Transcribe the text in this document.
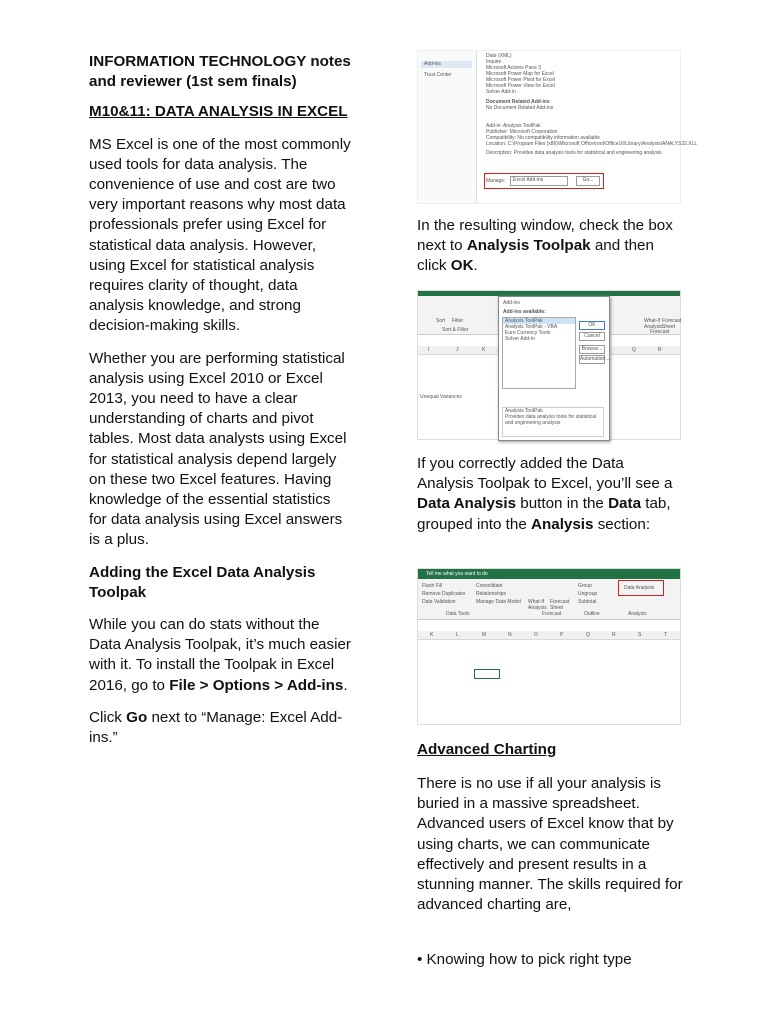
INFORMATION TECHNOLOGY notes and reviewer (1st sem finals)

M10&11: DATA ANALYSIS IN EXCEL

MS Excel is one of the most commonly used tools for data analysis. The convenience of use and cost are two very important reasons why most data professionals prefer using Excel for statistical data analysis. However, using Excel for statistical analysis requires clarity of thought, data analysis knowledge, and strong decision-making skills.

Whether you are performing statistical analysis using Excel 2010 or Excel 2013, you need to have a clear understanding of charts and pivot tables. Most data analysts using Excel for statistical analysis depend largely on these two Excel features. Having knowledge of the essential statistics for data analysis using Excel answers is a plus.

Adding the Excel Data Analysis Toolpak

While you can do stats without the Data Analysis Toolpak, it’s much easier with it. To install the Toolpak in Excel 2016, go to File > Options > Add-ins.

Click Go next to “Manage: Excel Add-ins.”

Add-ins
Trust Center
Date (XML)
Inquire
Microsoft Actions Pane 3
Microsoft Power Map for Excel
Microsoft Power Pivot for Excel
Microsoft Power View for Excel
Solver Add-in
Document Related Add-ins
No Document Related Add-ins
Add-in: Analysis ToolPak
Publisher: Microsoft Corporation
Compatibility: No compatibility information available
Location: C:\Program Files (x86)\Microsoft Office\root\Office16\Library\Analysis\ANALYS32.XLL
Description: Provides data analysis tools for statistical and engineering analysis
Manage:	Excel Add-ins	Go...
Sort Filter
Sort & Filter
What-If Analysis
Forecast Sheet
Forecast
I	J	K	Q	R
Unequal Variances
Add-ins
Add-ins available:
Analysis ToolPak
Analysis ToolPak - VBA
Euro Currency Tools
Solver Add-in
OK
Cancel
Browse...
Automation...
Analysis ToolPak
Provides data analysis tools for statistical and engineering analysis
Tell me what you want to do
Flash Fill
Remove Duplicates
Data Validation
Consolidate
Relationships
Manage Data Model What-If Analysis
Forecast Sheet
Group
Ungroup
Subtotal
Data Analysis
Data Tools	Forecast	Outline	Analysis
K	L	M	N	O	P	Q	R	S	T

In the resulting window, check the box next to Analysis Toolpak and then click OK.

If you correctly added the Data Analysis Toolpak to Excel, you’ll see a Data Analysis button in the Data tab, grouped into the Analysis section:

Advanced Charting

There is no use if all your analysis is buried in a massive spreadsheet. Advanced users of Excel know that by using charts, we can communicate effectively and present results in a stunning manner. The skills required for advanced charting are,

• Knowing how to pick right type
